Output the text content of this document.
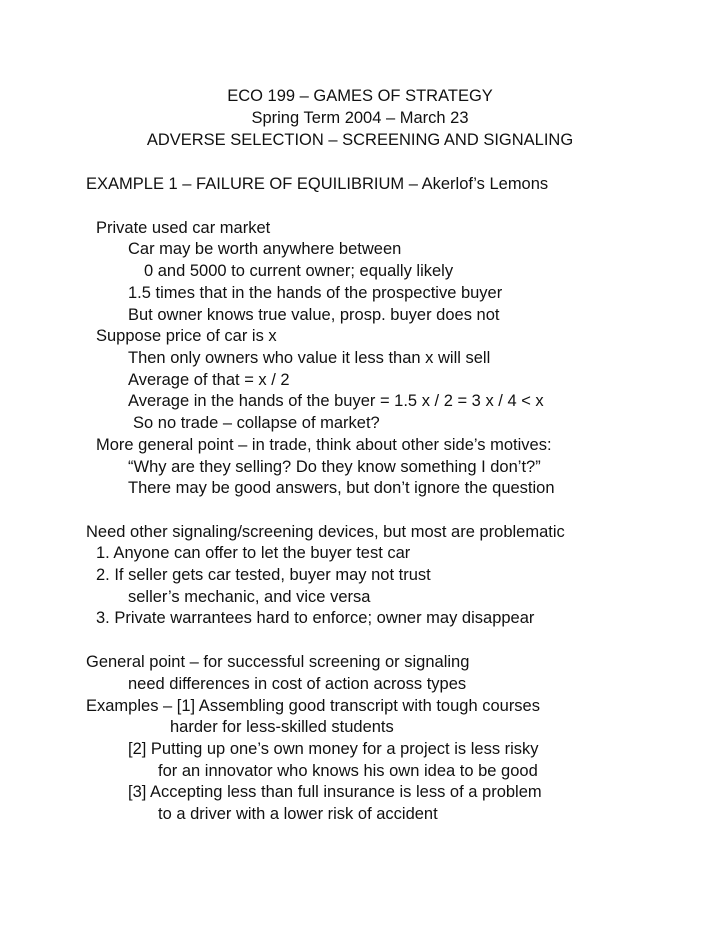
ECO 199 – GAMES OF STRATEGY
Spring Term 2004 – March 23
ADVERSE SELECTION – SCREENING AND SIGNALING
EXAMPLE 1 – FAILURE OF EQUILIBRIUM – Akerlof’s Lemons
Private used car market
Car may be worth anywhere between
0 and 5000 to current owner; equally likely
1.5 times that in the hands of the prospective buyer
But owner knows true value, prosp. buyer does not
Suppose price of car is x
Then only owners who value it less than x will sell
Average of that = x / 2
Average in the hands of the buyer = 1.5 x / 2 = 3 x / 4 < x
So no trade – collapse of market?
More general point – in trade, think about other side’s motives:
“Why are they selling? Do they know something I don’t?”
There may be good answers, but don’t ignore the question
Need other signaling/screening devices, but most are problematic
1. Anyone can offer to let the buyer test car
2. If seller gets car tested, buyer may not trust
seller’s mechanic, and vice versa
3. Private warrantees hard to enforce; owner may disappear
General point – for successful screening or signaling
need differences in cost of action across types
Examples – [1] Assembling good transcript with tough courses
harder for less-skilled students
[2] Putting up one’s own money for a project is less risky
for an innovator who knows his own idea to be good
[3] Accepting less than full insurance is less of a problem
to a driver with a lower risk of accident
